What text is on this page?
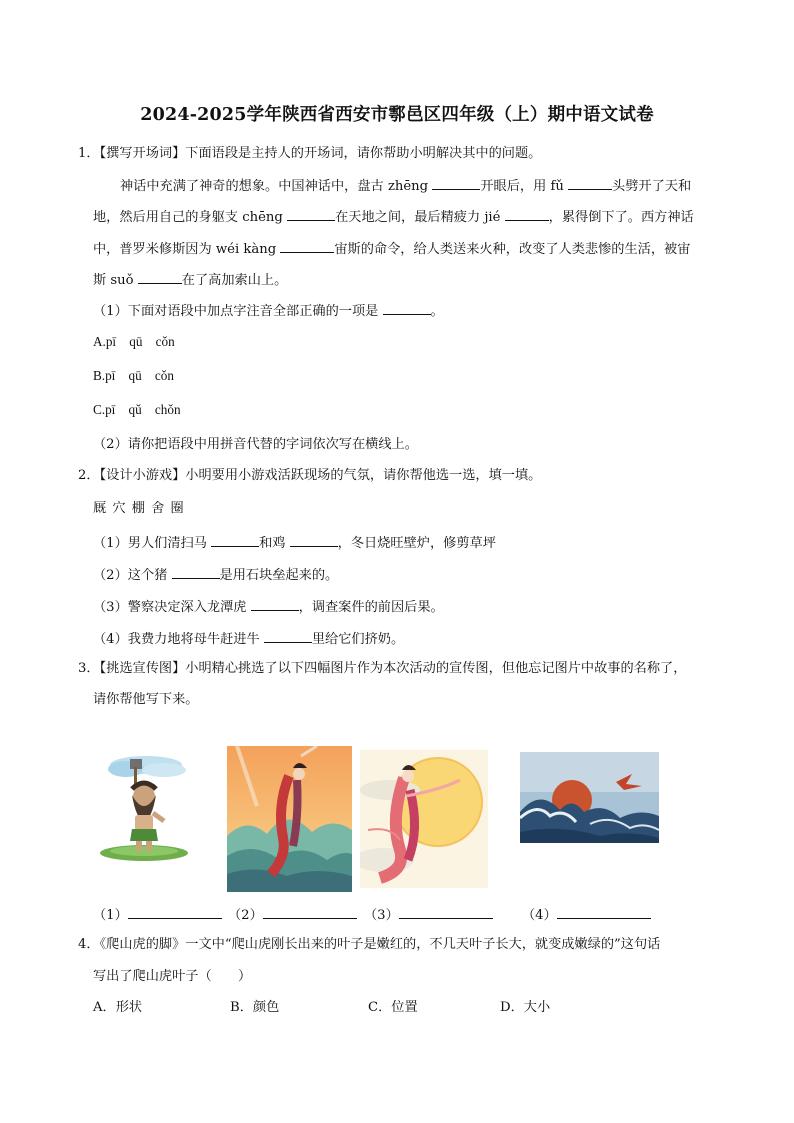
2024-2025学年陕西省西安市鄠邑区四年级（上）期中语文试卷
1．【撰写开场词】下面语段是主持人的开场词，请你帮助小明解决其中的问题。
神话中充满了神奇的想象。中国神话中，盘古 zhēng	开眼后，用 fǔ	头劈开了天和
地，然后用自己的身躯支 chēng	在天地之间，最后精疲力 jié	，累得倒下了。西方神话
中，普罗米修斯因为 wéi kàng	宙斯的命令，给人类送来火种，改变了人类悲惨的生活，被宙
斯 suǒ	在了高加索山上。
（1）下面对语段中加点字注音全部正确的一项是	。
A.pī　qū　cǒn
B.pī　qū　cǒn
C.pī　qǔ　chǒn
（2）请你把语段中用拼音代替的字词依次写在横线上。
2．【设计小游戏】小明要用小游戏活跃现场的气氛，请你帮他选一选，填一填。
厩 穴 棚 舍 圈
（1）男人们清扫马	和鸡	，冬日烧旺壁炉，修剪草坪
（2）这个猪	是用石块垒起来的。
（3）警察决定深入龙潭虎	，调查案件的前因后果。
（4）我费力地将母牛赶进牛	里给它们挤奶。
3．【挑选宣传图】小明精心挑选了以下四幅图片作为本次活动的宣传图，但他忘记图片中故事的名称了，
请你帮他写下来。
（1）	（2）	（3）	（4）
4．《爬山虎的脚》一文中“爬山虎刚长出来的叶子是嫩红的，不几天叶子长大，就变成嫩绿的”这句话
写出了爬山虎叶子（　　）
A．形状	B．颜色	C．位置	D．大小
